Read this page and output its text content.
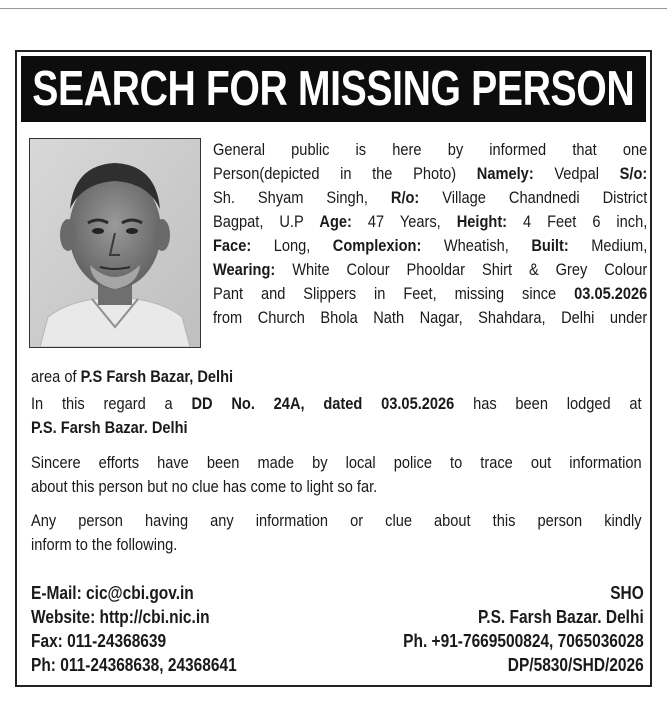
SEARCH FOR MISSING PERSON
General public is here by informed that one
Person(depicted in the Photo) Namely: Vedpal S/o:
Sh. Shyam Singh, R/o: Village Chandnedi District
Bagpat, U.P Age: 47 Years, Height: 4 Feet 6 inch,
Face: Long, Complexion: Wheatish, Built: Medium,
Wearing: White Colour Phooldar Shirt & Grey Colour
Pant and Slippers in Feet, missing since 03.05.2026
from Church Bhola Nath Nagar, Shahdara, Delhi under
area of P.S Farsh Bazar, Delhi
In this regard a DD No. 24A, dated 03.05.2026 has been lodged at
P.S. Farsh Bazar. Delhi
Sincere efforts have been made by local police to trace out information
about this person but no clue has come to light so far.
Any person having any information or clue about this person kindly
inform to the following.
E-Mail: cic@cbi.gov.in
Website: http://cbi.nic.in
Fax: 011-24368639
Ph: 011-24368638, 24368641
SHO
P.S. Farsh Bazar. Delhi
Ph. +91-7669500824, 7065036028
DP/5830/SHD/2026
